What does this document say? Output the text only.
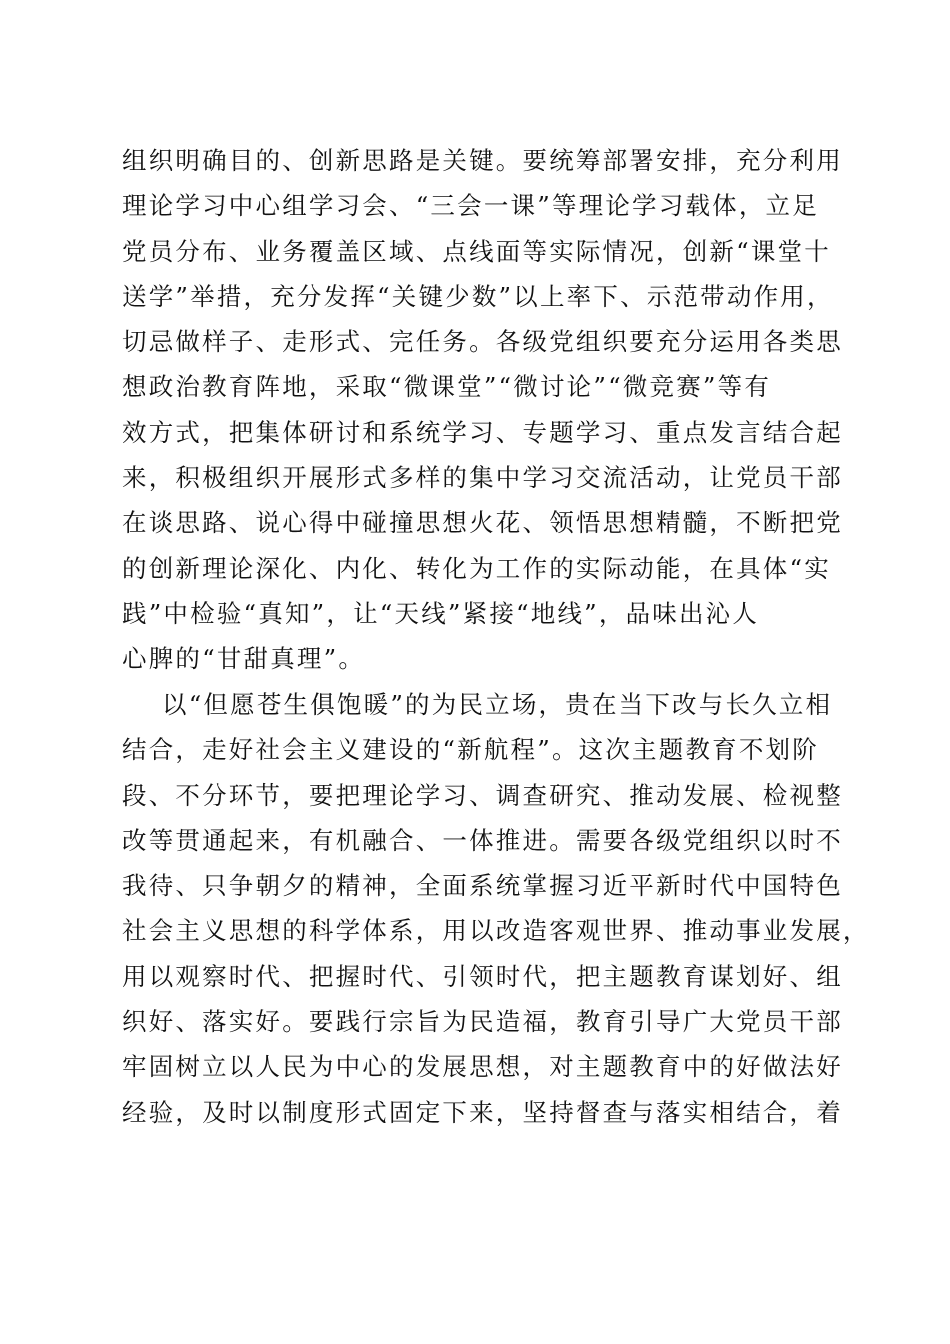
组织明确目的、创新思路是关键。要统筹部署安排，充分利用

理论学习中心组学习会、“三会一课”等理论学习载体，立足

党员分布、业务覆盖区域、点线面等实际情况，创新“课堂十

送学”举措，充分发挥“关键少数”以上率下、示范带动作用，

切忌做样子、走形式、完任务。各级党组织要充分运用各类思

想政治教育阵地，采取“微课堂”“微讨论”“微竞赛”等有

效方式，把集体研讨和系统学习、专题学习、重点发言结合起

来，积极组织开展形式多样的集中学习交流活动，让党员干部

在谈思路、说心得中碰撞思想火花、领悟思想精髓，不断把党

的创新理论深化、内化、转化为工作的实际动能，在具体“实

践”中检验“真知”，让“天线”紧接“地线”，品味出沁人

心脾的“甘甜真理”。

以“但愿苍生俱饱暖”的为民立场，贵在当下改与长久立相

结合，走好社会主义建设的“新航程”。这次主题教育不划阶

段、不分环节，要把理论学习、调查研究、推动发展、检视整

改等贯通起来，有机融合、一体推进。需要各级党组织以时不

我待、只争朝夕的精神，全面系统掌握习近平新时代中国特色

社会主义思想的科学体系，用以改造客观世界、推动事业发展，

用以观察时代、把握时代、引领时代，把主题教育谋划好、组

织好、落实好。要践行宗旨为民造福，教育引导广大党员干部

牢固树立以人民为中心的发展思想，对主题教育中的好做法好

经验，及时以制度形式固定下来，坚持督查与落实相结合，着
